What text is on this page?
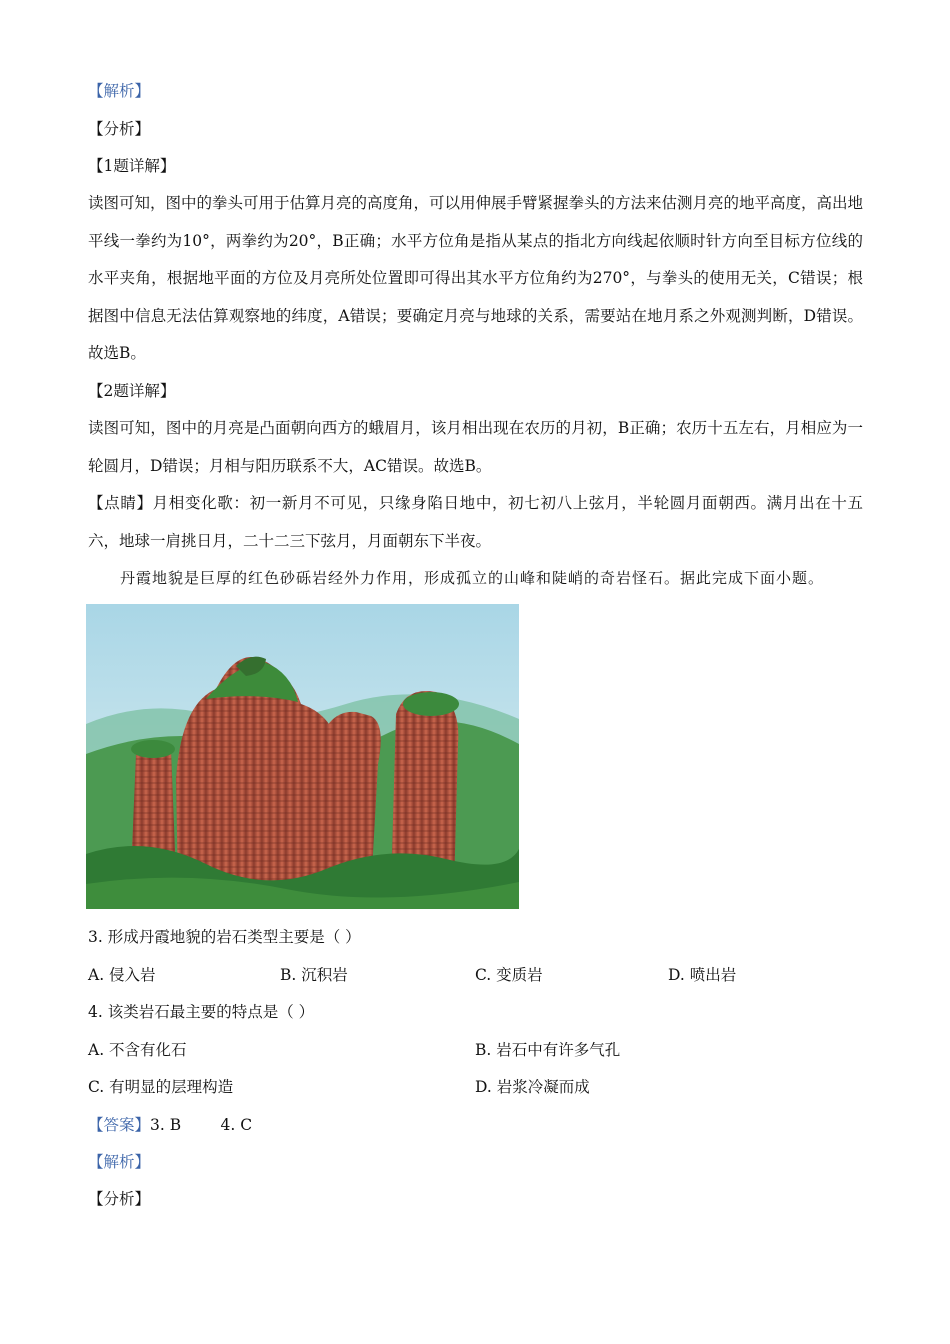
【解析】
【分析】
【1题详解】
读图可知，图中的拳头可用于估算月亮的高度角，可以用伸展手臂紧握拳头的方法来估测月亮的地平高度，高出地平线一拳约为10°，两拳约为20°，B正确；水平方位角是指从某点的指北方向线起依顺时针方向至目标方位线的水平夹角，根据地平面的方位及月亮所处位置即可得出其水平方位角约为270°，与拳头的使用无关，C错误；根据图中信息无法估算观察地的纬度，A错误；要确定月亮与地球的关系，需要站在地月系之外观测判断，D错误。故选B。
【2题详解】
读图可知，图中的月亮是凸面朝向西方的蛾眉月，该月相出现在农历的月初，B正确；农历十五左右，月相应为一轮圆月，D错误；月相与阳历联系不大，AC错误。故选B。
【点睛】月相变化歌：初一新月不可见，只缘身陷日地中，初七初八上弦月，半轮圆月面朝西。满月出在十五六，地球一肩挑日月，二十二三下弦月，月面朝东下半夜。
丹霞地貌是巨厚的红色砂砾岩经外力作用，形成孤立的山峰和陡峭的奇岩怪石。据此完成下面小题。
3. 形成丹霞地貌的岩石类型主要是（ ）
A. 侵入岩	B. 沉积岩	C. 变质岩	D. 喷出岩
4. 该类岩石最主要的特点是（ ）
A. 不含有化石	B. 岩石中有许多气孔
C. 有明显的层理构造	D. 岩浆冷凝而成
【答案】3. B        4. C
【解析】
【分析】
